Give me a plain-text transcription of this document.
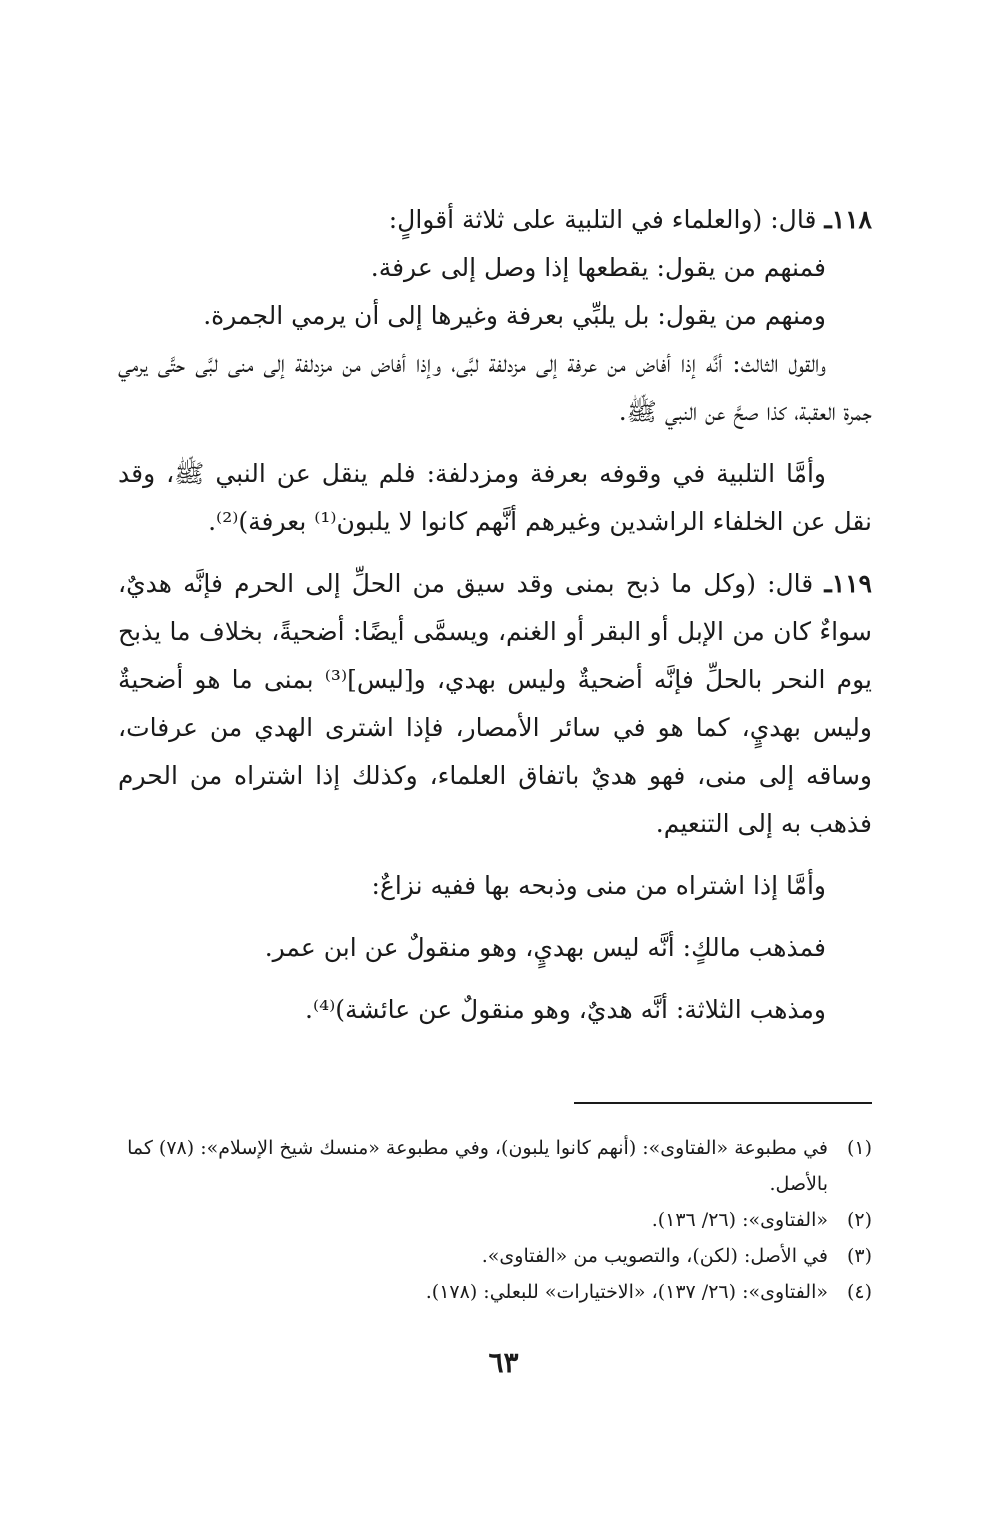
١١٨ـ قال: (والعلماء في التلبية على ثلاثة أقوالٍ:

فمنهم من يقول: يقطعها إذا وصل إلى عرفة.

ومنهم من يقول: بل يلبِّي بعرفة وغيرها إلى أن يرمي الجمرة.

والقول الثالث: أنَّه إذا أفاض من عرفة إلى مزدلفة لبَّى، وإذا أفاض من مزدلفة إلى منى لبَّى حتَّى يرمي جمرة العقبة، كذا صحَّ عن النبي ﷺ.

وأمَّا التلبية في وقوفه بعرفة ومزدلفة: فلم ينقل عن النبي ﷺ، وقد نقل عن الخلفاء الراشدين وغيرهم أنَّهم كانوا لا يلبون⁽¹⁾ بعرفة)⁽²⁾.

١١٩ـ قال: (وكل ما ذبح بمنى وقد سيق من الحلِّ إلى الحرم فإنَّه هديٌ، سواءٌ كان من الإبل أو البقر أو الغنم، ويسمَّى أيضًا: أضحيةً، بخلاف ما يذبح يوم النحر بالحلِّ فإنَّه أضحيةٌ وليس بهدي، و[ليس]⁽³⁾ بمنى ما هو أضحيةٌ وليس بهديٍ، كما هو في سائر الأمصار، فإذا اشترى الهدي من عرفات، وساقه إلى منى، فهو هديٌ باتفاق العلماء، وكذلك إذا اشتراه من الحرم فذهب به إلى التنعيم.

وأمَّا إذا اشتراه من منى وذبحه بها ففيه نزاعٌ:

فمذهب مالكٍ: أنَّه ليس بهديٍ، وهو منقولٌ عن ابن عمر.

ومذهب الثلاثة: أنَّه هديٌ، وهو منقولٌ عن عائشة)⁽⁴⁾.

(١)
في مطبوعة «الفتاوى»: (أنهم كانوا يلبون)، وفي مطبوعة «منسك شيخ الإسلام»: (٧٨) كما بالأصل.
(٢)
«الفتاوى»: (٢٦/ ١٣٦).
(٣)
في الأصل: (لكن)، والتصويب من «الفتاوى».
(٤)
«الفتاوى»: (٢٦/ ١٣٧)، «الاختيارات» للبعلي: (١٧٨).
٦٣
